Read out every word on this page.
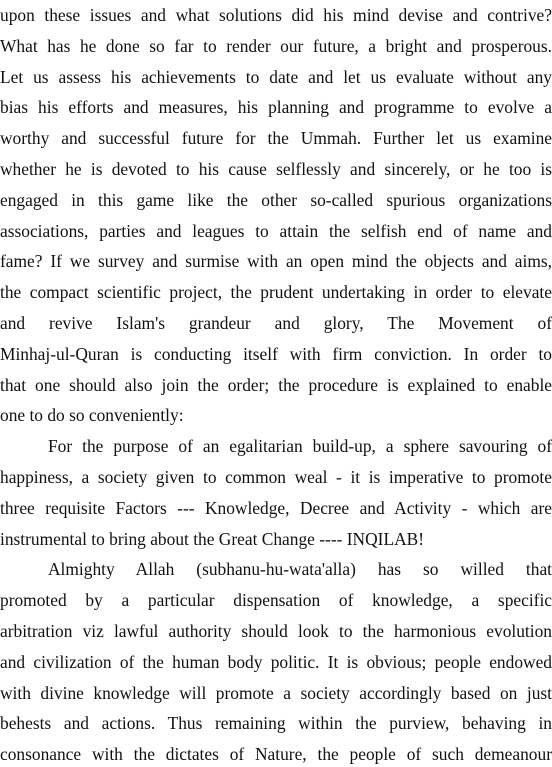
upon these issues and what solutions did his mind devise and contrive?
What has he done so far to render our future, a bright and prosperous.
Let us assess his achievements to date and let us evaluate without any
bias his efforts and measures, his planning and programme to evolve a
worthy and successful future for the Ummah. Further let us examine
whether he is devoted to his cause selflessly and sincerely, or he too is
engaged in this game like the other so-called spurious organizations
associations, parties and leagues to attain the selfish end of name and
fame? If we survey and surmise with an open mind the objects and aims,
the compact scientific project, the prudent undertaking in order to elevate
and revive Islam's grandeur and glory, The Movement of
Minhaj-ul-Quran is conducting itself with firm conviction. In order to
that one should also join the order; the procedure is explained to enable
one to do so conveniently:
For the purpose of an egalitarian build-up, a sphere savouring of
happiness, a society given to common weal - it is imperative to promote
three requisite Factors --- Knowledge, Decree and Activity - which are
instrumental to bring about the Great Change ---- INQILAB!
Almighty Allah (subhanu-hu-wata'alla) has so willed that
promoted by a particular dispensation of knowledge, a specific
arbitration viz lawful authority should look to the harmonious evolution
and civilization of the human body politic. It is obvious; people endowed
with divine knowledge will promote a society accordingly based on just
behests and actions. Thus remaining within the purview, behaving in
consonance with the dictates of Nature, the people of such demeanour
